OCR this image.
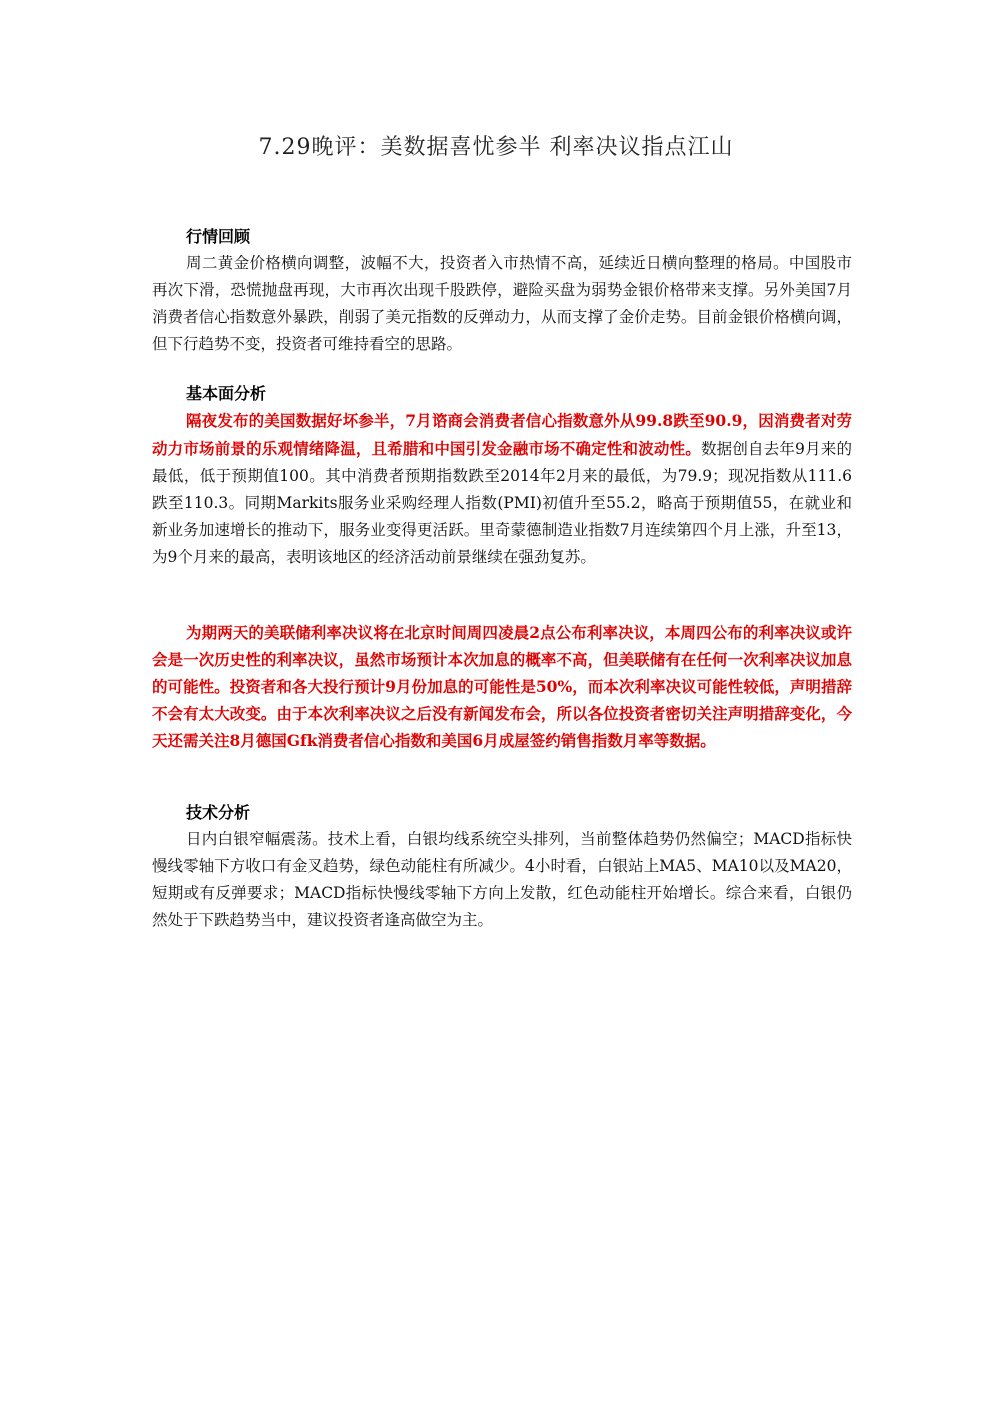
7.29晚评：美数据喜忧参半 利率决议指点江山
行情回顾

周二黄金价格横向调整，波幅不大，投资者入市热情不高，延续近日横向整理的格局。中国股市再次下滑，恐慌抛盘再现，大市再次出现千股跌停，避险买盘为弱势金银价格带来支撑。另外美国7月消费者信心指数意外暴跌，削弱了美元指数的反弹动力，从而支撑了金价走势。目前金银价格横向调，但下行趋势不变，投资者可维持看空的思路。

基本面分析

隔夜发布的美国数据好坏参半，7月谘商会消费者信心指数意外从99.8跌至90.9，因消费者对劳动力市场前景的乐观情绪降温，且希腊和中国引发金融市场不确定性和波动性。数据创自去年9月来的最低，低于预期值100。其中消费者预期指数跌至2014年2月来的最低，为79.9；现况指数从111.6跌至110.3。同期Markits服务业采购经理人指数(PMI)初值升至55.2，略高于预期值55，在就业和新业务加速增长的推动下，服务业变得更活跃。里奇蒙德制造业指数7月连续第四个月上涨，升至13，为9个月来的最高，表明该地区的经济活动前景继续在强劲复苏。

为期两天的美联储利率决议将在北京时间周四凌晨2点公布利率决议，本周四公布的利率决议或许会是一次历史性的利率决议，虽然市场预计本次加息的概率不高，但美联储有在任何一次利率决议加息的可能性。投资者和各大投行预计9月份加息的可能性是50%，而本次利率决议可能性较低，声明措辞不会有太大改变。由于本次利率决议之后没有新闻发布会，所以各位投资者密切关注声明措辞变化，今天还需关注8月德国Gfk消费者信心指数和美国6月成屋签约销售指数月率等数据。

技术分析

日内白银窄幅震荡。技术上看，白银均线系统空头排列，当前整体趋势仍然偏空；MACD指标快慢线零轴下方收口有金叉趋势，绿色动能柱有所减少。4小时看，白银站上MA5、MA10以及MA20，短期或有反弹要求；MACD指标快慢线零轴下方向上发散，红色动能柱开始增长。综合来看，白银仍然处于下跌趋势当中，建议投资者逢高做空为主。
